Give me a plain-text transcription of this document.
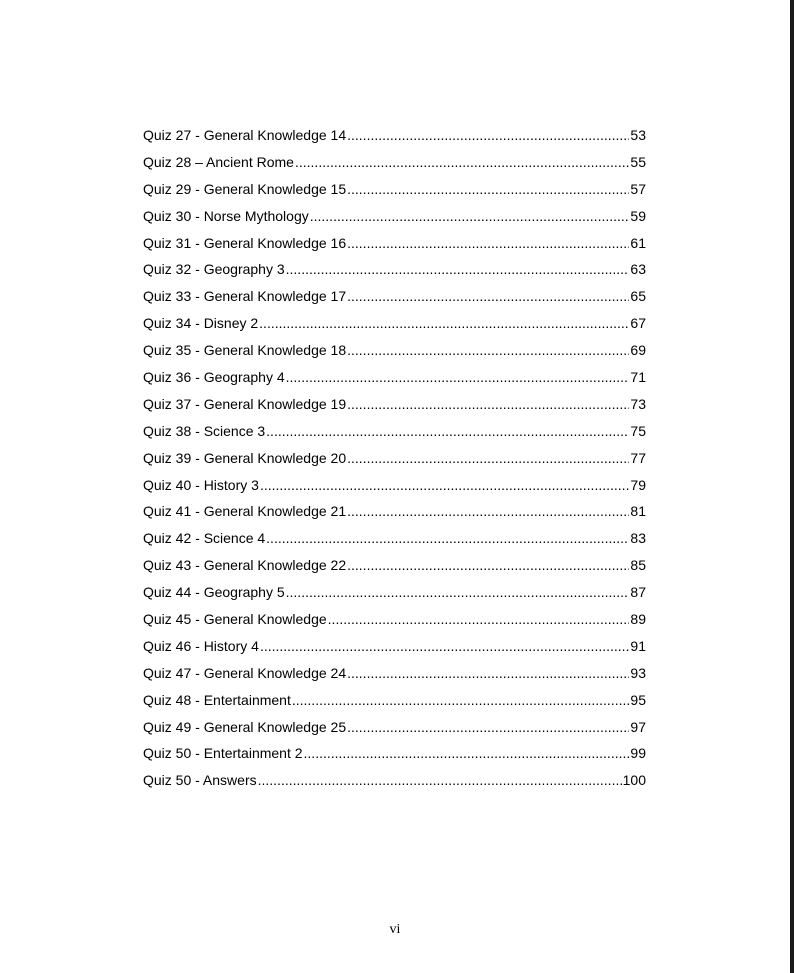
Quiz 27 - General Knowledge 14 .....	53
Quiz 28 – Ancient Rome .....	55
Quiz 29 - General Knowledge 15 .....	57
Quiz 30 - Norse Mythology .....	59
Quiz 31 - General Knowledge 16 .....	61
Quiz 32 - Geography 3 .....	63
Quiz 33 - General Knowledge 17 .....	65
Quiz 34 - Disney 2 .....	67
Quiz 35 - General Knowledge 18 .....	69
Quiz 36 - Geography 4 .....	71
Quiz 37 - General Knowledge 19 .....	73
Quiz 38 - Science 3 .....	75
Quiz 39 - General Knowledge 20 .....	77
Quiz 40 - History 3 .....	79
Quiz 41 - General Knowledge 21 .....	81
Quiz 42 - Science 4 .....	83
Quiz 43 - General Knowledge 22 .....	85
Quiz 44 - Geography 5 .....	87
Quiz 45 - General Knowledge .....	89
Quiz 46 - History 4 .....	91
Quiz 47 - General Knowledge 24 .....	93
Quiz 48 - Entertainment .....	95
Quiz 49 - General Knowledge 25 .....	97
Quiz 50 - Entertainment 2 .....	99
Quiz 50 - Answers .....	100
vi
